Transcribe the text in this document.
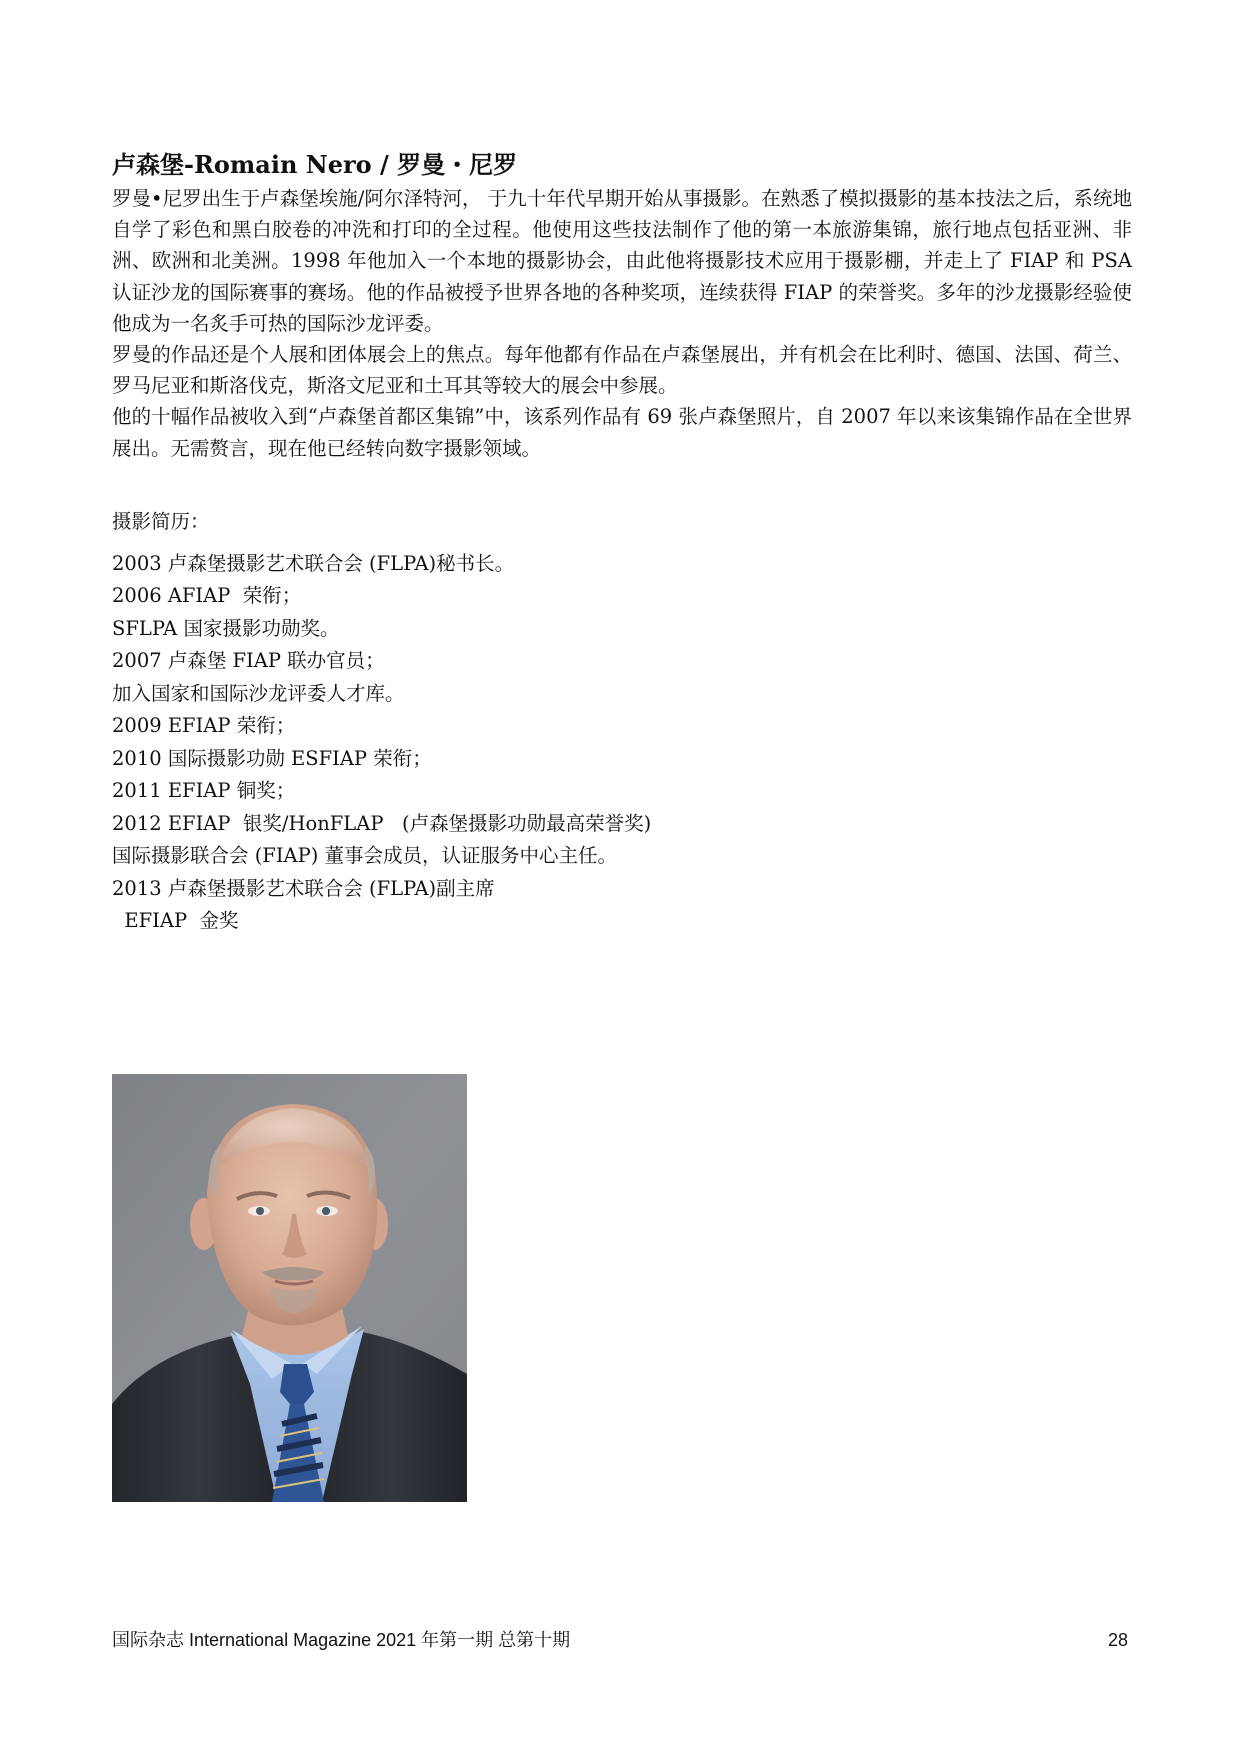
卢森堡-Romain Nero / 罗曼・尼罗

罗曼•尼罗出生于卢森堡埃施/阿尔泽特河， 于九十年代早期开始从事摄影。在熟悉了模拟摄影的基本技法之后，系统地自学了彩色和黑白胶卷的冲洗和打印的全过程。他使用这些技法制作了他的第一本旅游集锦，旅行地点包括亚洲、非洲、欧洲和北美洲。1998 年他加入一个本地的摄影协会，由此他将摄影技术应用于摄影棚，并走上了 FIAP 和 PSA 认证沙龙的国际赛事的赛场。他的作品被授予世界各地的各种奖项，连续获得 FIAP 的荣誉奖。多年的沙龙摄影经验使他成为一名炙手可热的国际沙龙评委。

罗曼的作品还是个人展和团体展会上的焦点。每年他都有作品在卢森堡展出，并有机会在比利时、德国、法国、荷兰、罗马尼亚和斯洛伐克，斯洛文尼亚和土耳其等较大的展会中参展。

他的十幅作品被收入到“卢森堡首都区集锦”中，该系列作品有 69 张卢森堡照片，自 2007 年以来该集锦作品在全世界展出。无需赘言，现在他已经转向数字摄影领域。

摄影简历：
2003 卢森堡摄影艺术联合会 (FLPA)秘书长。
2006 AFIAP  荣衔；
SFLPA 国家摄影功勋奖。
2007 卢森堡 FIAP 联办官员；
加入国家和国际沙龙评委人才库。
2009 EFIAP 荣衔；
2010 国际摄影功勋 ESFIAP 荣衔；
2011 EFIAP 铜奖；
2012 EFIAP  银奖/HonFLAP   (卢森堡摄影功勋最高荣誉奖)
国际摄影联合会 (FIAP) 董事会成员，认证服务中心主任。
2013 卢森堡摄影艺术联合会 (FLPA)副主席
EFIAP  金奖
国际杂志 International Magazine 2021 年第一期 总第十期	28
